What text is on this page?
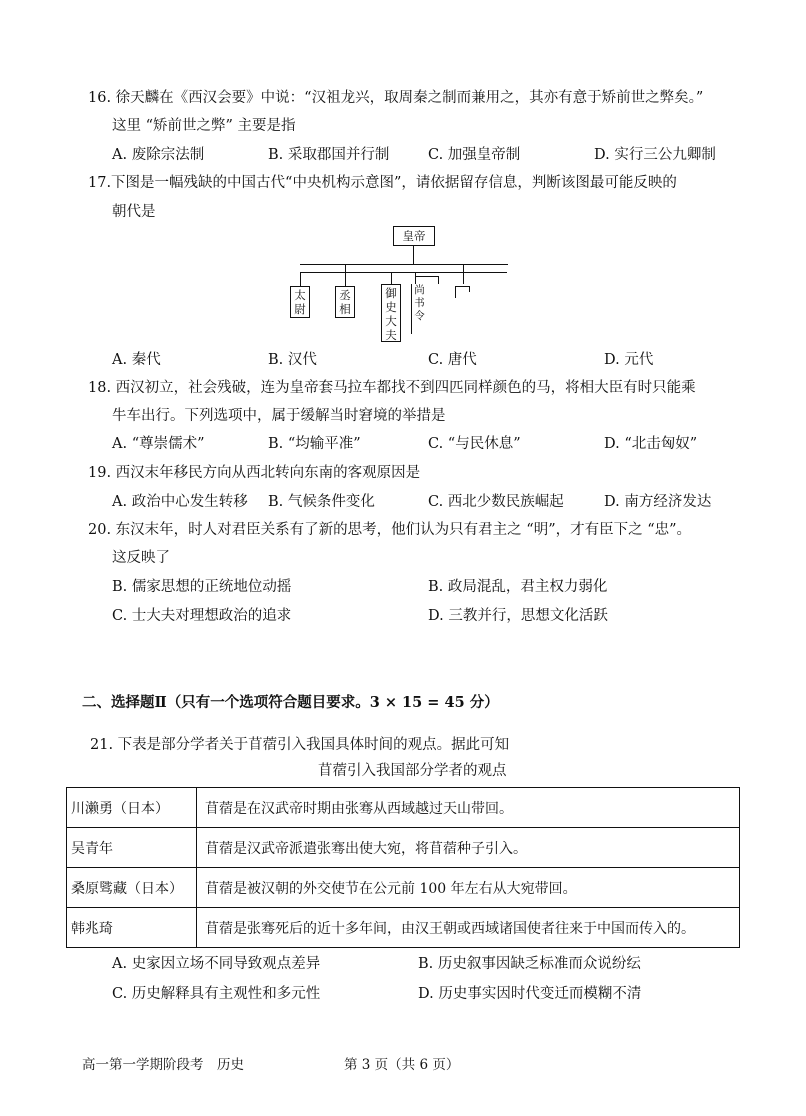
16. 徐天麟在《西汉会要》中说：“汉祖龙兴，取周秦之制而兼用之，其亦有意于矫前世之弊矣。”
这里 “矫前世之弊” 主要是指
A. 废除宗法制	B. 采取郡国并行制	C. 加强皇帝制	D. 实行三公九卿制
17.下图是一幅残缺的中国古代“中央机构示意图”，请依据留存信息，判断该图最可能反映的
朝代是
皇帝
太
尉
丞
相
御
史
大
夫
尚
书
令
A. 秦代	B. 汉代	C. 唐代	D. 元代
18. 西汉初立，社会残破，连为皇帝套马拉车都找不到四匹同样颜色的马，将相大臣有时只能乘
牛车出行。下列选项中，属于缓解当时窘境的举措是
A. “尊崇儒术”	B. “均输平准”	C. “与民休息”	D. “北击匈奴”
19. 西汉末年移民方向从西北转向东南的客观原因是
A. 政治中心发生转移 B. 气候条件变化	C. 西北少数民族崛起	D. 南方经济发达
20. 东汉末年，时人对君臣关系有了新的思考，他们认为只有君主之 “明”，才有臣下之 “忠”。
这反映了
B. 儒家思想的正统地位动摇	B. 政局混乱，君主权力弱化
C. 士大夫对理想政治的追求	D. 三教并行，思想文化活跃
二、选择题Ⅱ（只有一个选项符合题目要求。3 × 15 = 45 分）
21. 下表是部分学者关于苜蓿引入我国具体时间的观点。据此可知
苜蓿引入我国部分学者的观点
川濑勇（日本）	苜蓿是在汉武帝时期由张骞从西域越过天山带回。
吴青年	苜蓿是汉武帝派遣张骞出使大宛，将苜蓿种子引入。
桑原骘藏（日本）	苜蓿是被汉朝的外交使节在公元前 100 年左右从大宛带回。
韩兆琦	苜蓿是张骞死后的近十多年间，由汉王朝或西域诸国使者往来于中国而传入的。
A. 史家因立场不同导致观点差异	B. 历史叙事因缺乏标准而众说纷纭
C. 历史解释具有主观性和多元性	D. 历史事实因时代变迁而模糊不清
高一第一学期阶段考　历史	第 3 页（共 6 页）
